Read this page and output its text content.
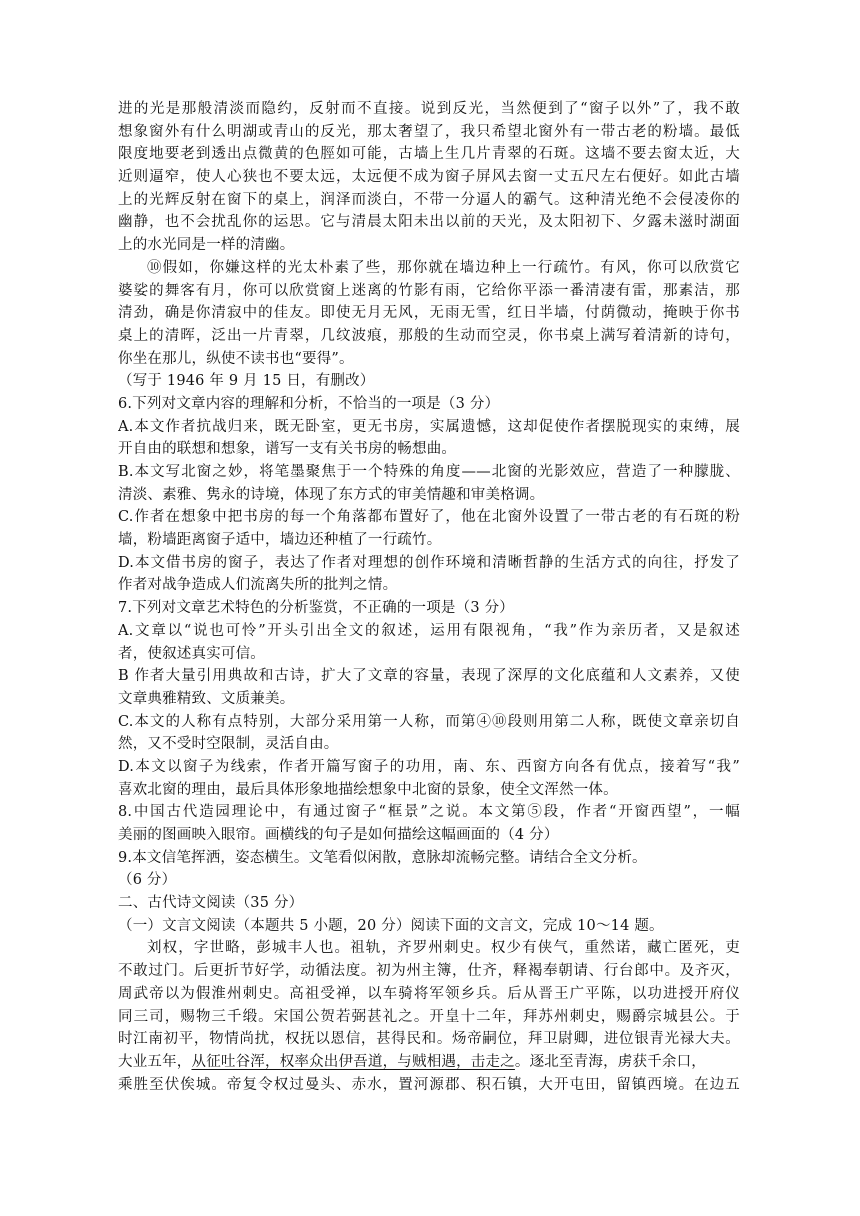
进的光是那般清淡而隐约，反射而不直接。说到反光，当然便到了“窗子以外”了，我不敢
想象窗外有什么明湖或青山的反光，那太奢望了，我只希望北窗外有一带古老的粉墙。最低
限度地要老到透出点微黄的色脛如可能，古墙上生几片青翠的石斑。这墙不要去窗太近，大
近则逼窄，使人心狭也不要太远，太远便不成为窗子屏风去窗一丈五尺左右便好。如此古墙
上的光辉反射在窗下的桌上，润泽而淡白，不带一分逼人的霸气。这种清光绝不会侵凌你的
幽静，也不会扰乱你的运思。它与清晨太阳未出以前的天光，及太阳初下、夕露未滋时湖面
上的水光同是一样的清幽。
⑩假如，你嫌这样的光太朴素了些，那你就在墙边种上一行疏竹。有风，你可以欣赏它
婆娑的舞客有月，你可以欣赏窗上迷离的竹影有雨，它给你平添一番清凄有雷，那素洁，那
清劲，确是你清寂中的佳友。即使无月无风，无雨无雪，红日半墙，付荫微动，掩映于你书
桌上的清晖，泛出一片青翠，几纹波痕，那般的生动而空灵，你书桌上满写着清新的诗句，
你坐在那儿，纵使不读书也“要得”。
（写于 1946 年 9 月 15 日，有删改）
6.下列对文章内容的理解和分析，不恰当的一项是（3 分）
A.本文作者抗战归来，既无卧室，更无书房，实属遗憾，这却促使作者摆脱现实的束缚，展
开自由的联想和想象，谱写一支有关书房的畅想曲。
B.本文写北窗之妙，将笔墨聚焦于一个特殊的角度——北窗的光影效应，营造了一种朦胧、
清淡、素雅、隽永的诗境，体现了东方式的审美情趣和审美格调。
C.作者在想象中把书房的每一个角落都布置好了，他在北窗外设置了一带古老的有石斑的粉
墙，粉墙距离窗子适中，墙边还种植了一行疏竹。
D.本文借书房的窗子，表达了作者对理想的创作环境和清晰哲静的生活方式的向往，抒发了
作者对战争造成人们流离失所的批判之情。
7.下列对文章艺术特色的分析鉴赏，不正确的一项是（3 分）
A.文章以“说也可怜”开头引出全文的叙述，运用有限视角，“我”作为亲历者，又是叙述
者，使叙述真实可信。
B 作者大量引用典故和古诗，扩大了文章的容量，表现了深厚的文化底蕴和人文素养，又使
文章典雅精致、文质兼美。
C.本文的人称有点特别，大部分采用第一人称，而第④⑩段则用第二人称，既使文章亲切自
然，又不受时空限制，灵活自由。
D.本文以窗子为线索，作者开篇写窗子的功用，南、东、西窗方向各有优点，接着写“我”
喜欢北窗的理由，最后具体形象地描绘想象中北窗的景象，使全文浑然一体。
8.中国古代造园理论中，有通过窗子“框景”之说。本文第⑤段，作者“开窗西望”，一幅
美丽的图画映入眼帘。画横线的句子是如何描绘这幅画面的（4 分）
9.本文信笔挥洒，姿态横生。文笔看似闲散，意脉却流畅完整。请结合全文分析。
（6 分）
二、古代诗文阅读（35 分）
（一）文言文阅读（本题共 5 小题，20 分）阅读下面的文言文，完成 10～14 题。
刘权，字世略，彭城丰人也。祖轨，齐罗州刺史。权少有侠气，重然诺，藏亡匿死，吏
不敢过门。后更折节好学，动循法度。初为州主簿，仕齐，释褐奉朝请、行台郎中。及齐灭，
周武帝以为假淮州刺史。高祖受禅，以车骑将军领乡兵。后从晋王广平陈，以功进授开府仪
同三司，赐物三千缎。宋国公贺若弼甚礼之。开皇十二年，拜苏州刺史，赐爵宗城县公。于
时江南初平，物情尚扰，权抚以恩信，甚得民和。炀帝嗣位，拜卫尉卿，进位银青光禄大夫。
大业五年，从征吐谷浑，权率众出伊吾道，与贼相遇，击走之。逐北至青海，虏获千余口，
乘胜至伏俟城。帝复令权过曼头、赤水，置河源郡、积石镇，大开屯田，留镇西境。在边五
